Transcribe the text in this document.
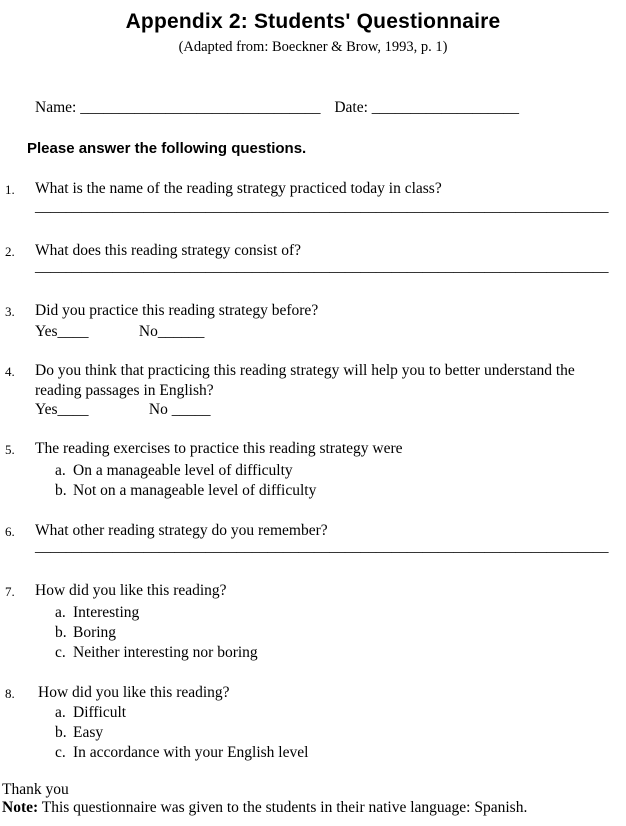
Appendix 2: Students' Questionnaire
(Adapted from: Boeckner & Brow, 1993, p. 1)
Name: _______________________________ Date: ___________________
Please answer the following questions.
1. What is the name of the reading strategy practiced today in class?
__________________________________________________________________________
2. What does this reading strategy consist of?
__________________________________________________________________________
3. Did you practice this reading strategy before?
Yes____	No______
4. Do you think that practicing this reading strategy will help you to better understand the reading passages in English?
Yes____	No _____
5. The reading exercises to practice this reading strategy were
a. On a manageable level of difficulty
b. Not on a manageable level of difficulty
6. What other reading strategy do you remember?
__________________________________________________________________________
7. How did you like this reading?
a. Interesting
b. Boring
c. Neither interesting nor boring
8. How did you like this reading?
a. Difficult
b. Easy
c. In accordance with your English level
Thank you
Note: This questionnaire was given to the students in their native language: Spanish.
